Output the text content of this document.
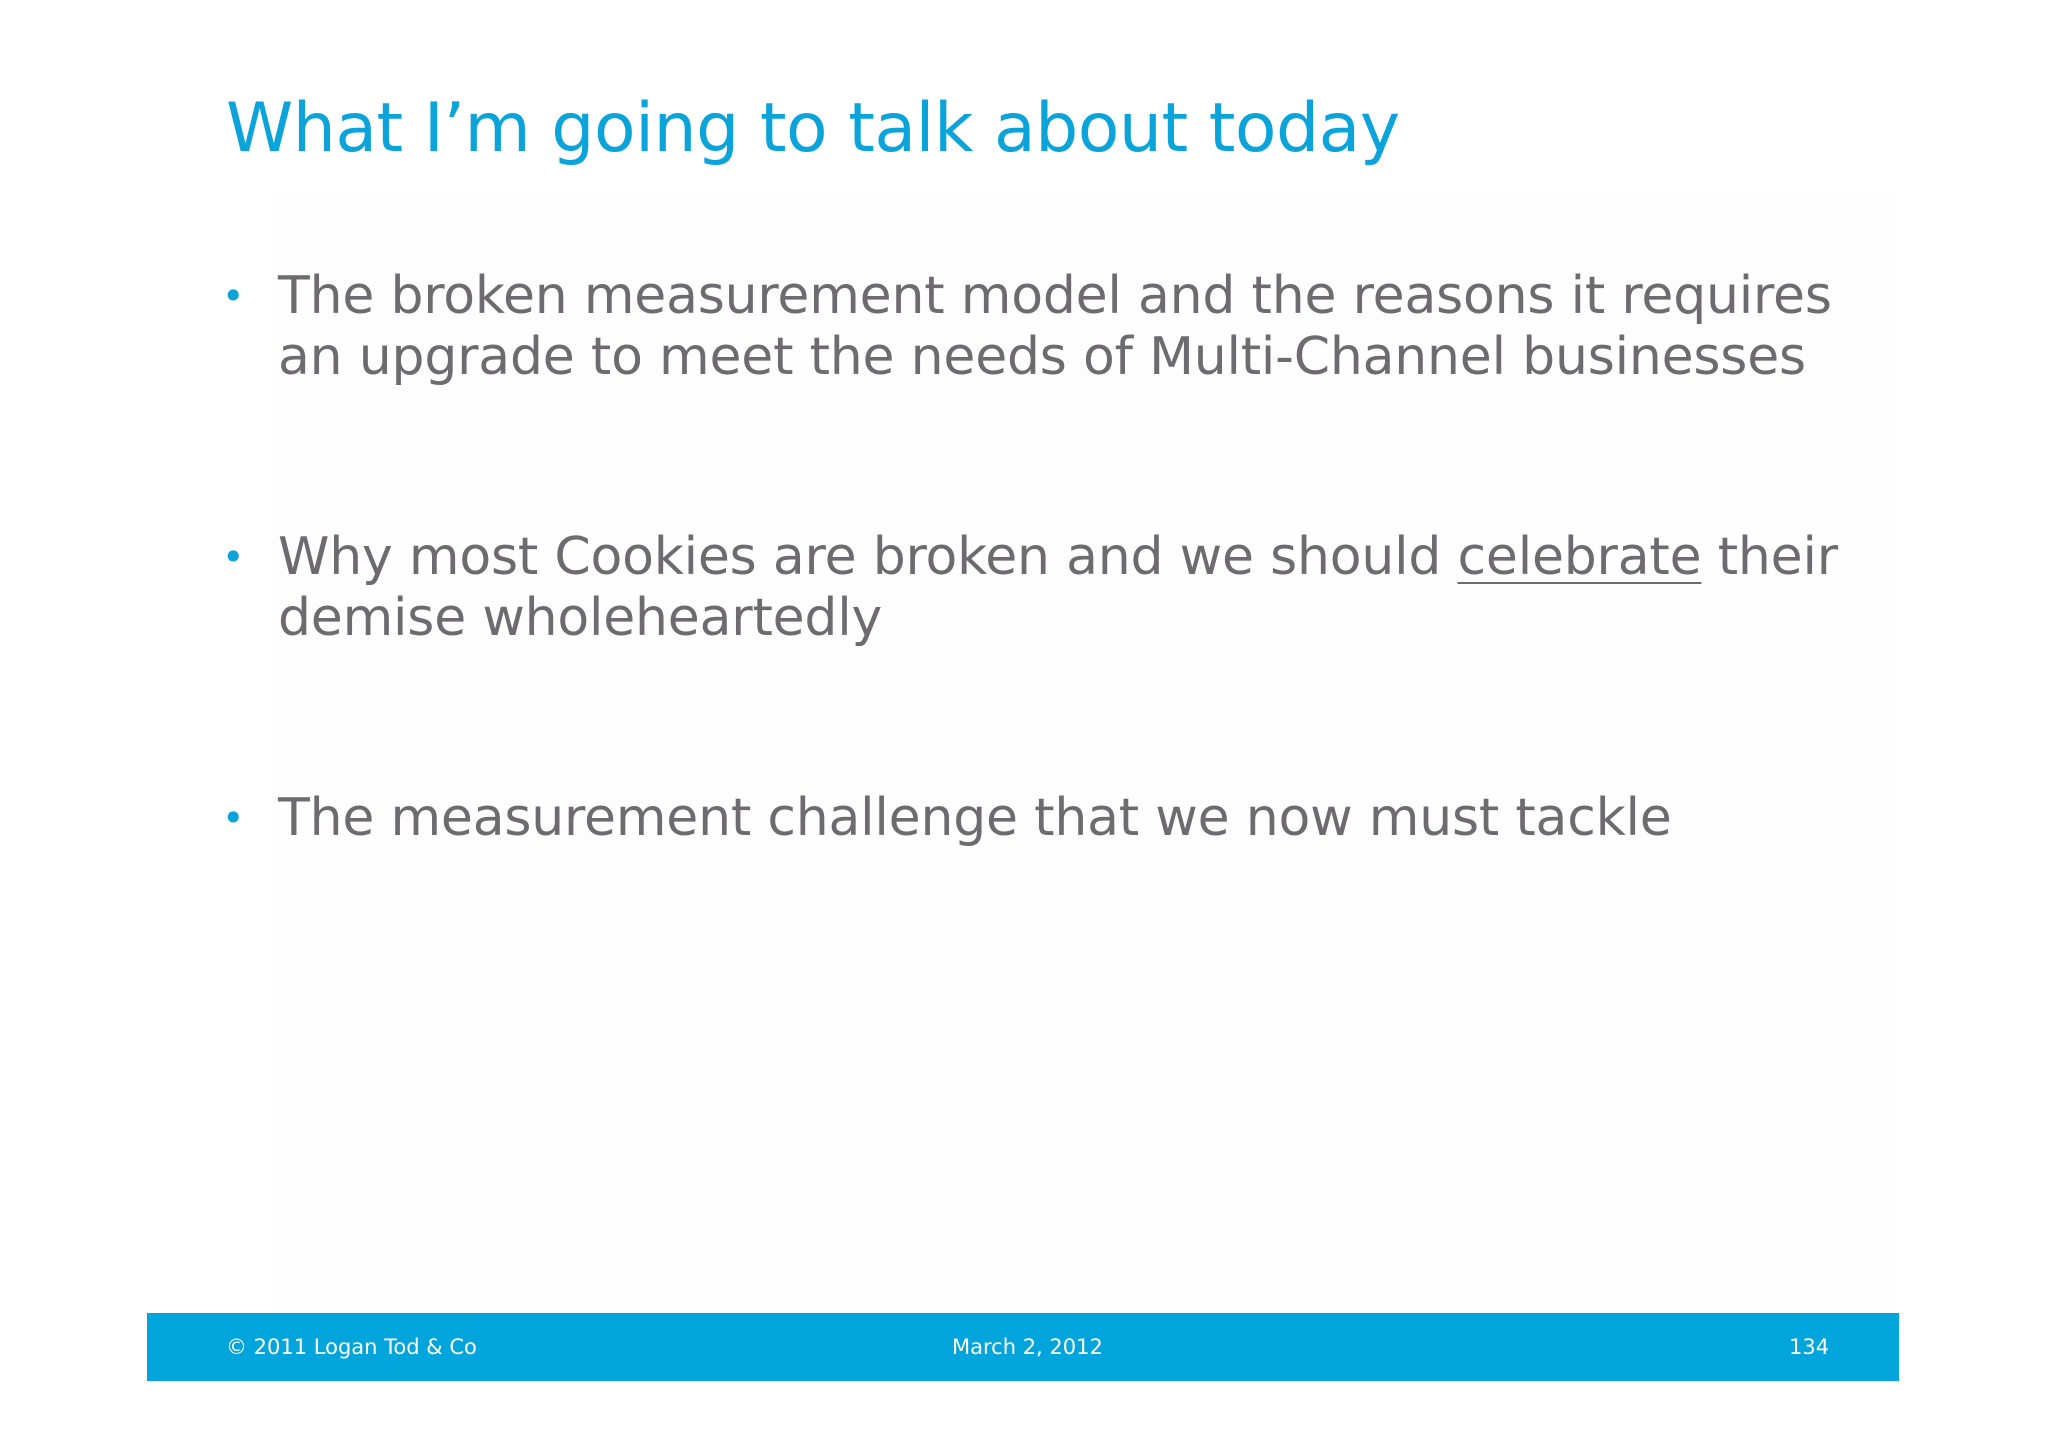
What I’m going to talk about today
• The broken measurement model and the reasons it requires an upgrade to meet the needs of Multi-Channel businesses
• Why most Cookies are broken and we should celebrate their demise wholeheartedly
• The measurement challenge that we now must tackle
© 2011 Logan Tod & Co	March 2, 2012	134
